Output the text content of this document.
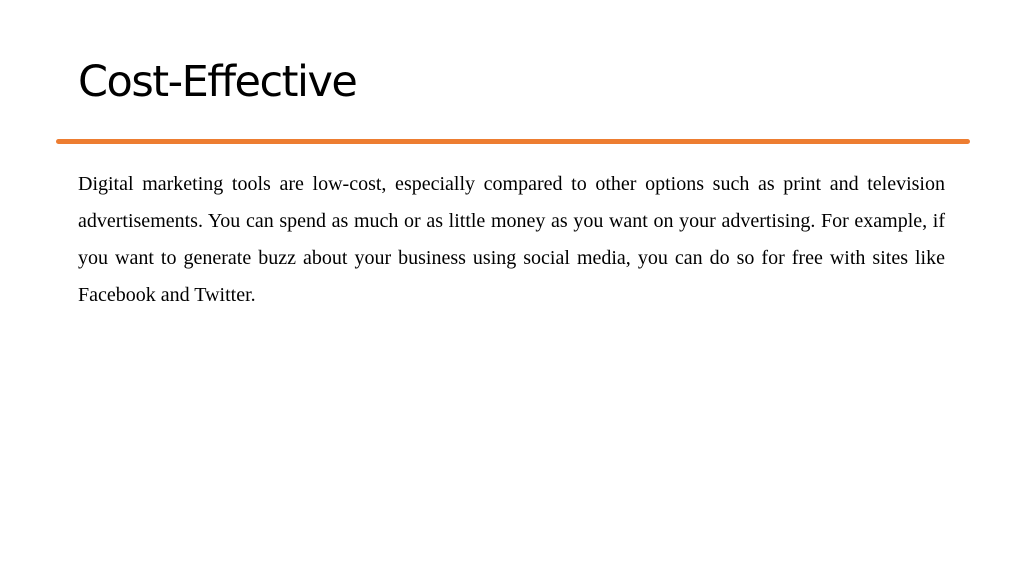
Cost-Effective

Digital marketing tools are low-cost, especially compared to other options such as print and television advertisements. You can spend as much or as little money as you want on your advertising. For example, if you want to generate buzz about your business using social media, you can do so for free with sites like Facebook and Twitter.
